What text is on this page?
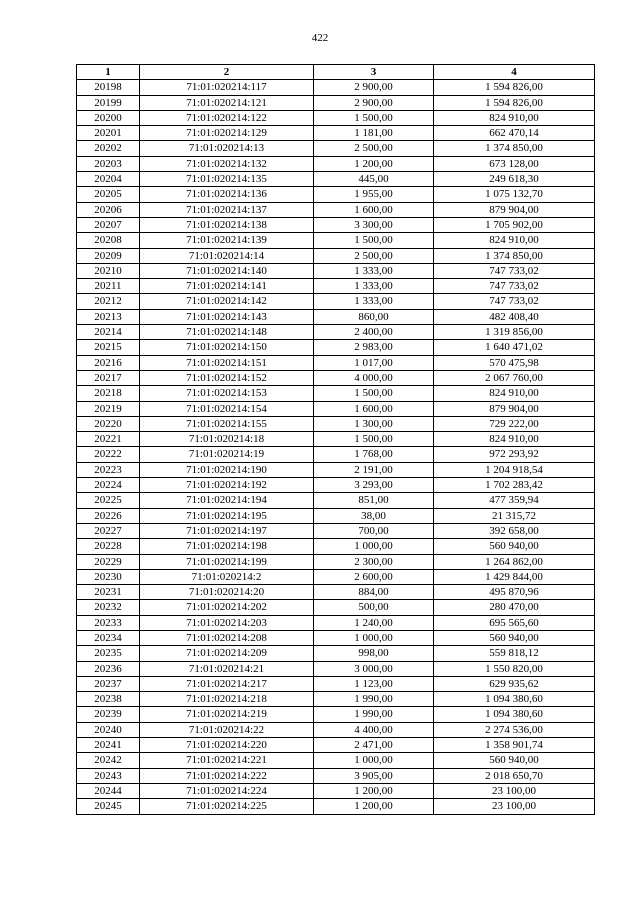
422
1	2	3	4
20198	71:01:020214:117	2 900,00	1 594 826,00
20199	71:01:020214:121	2 900,00	1 594 826,00
20200	71:01:020214:122	1 500,00	824 910,00
20201	71:01:020214:129	1 181,00	662 470,14
20202	71:01:020214:13	2 500,00	1 374 850,00
20203	71:01:020214:132	1 200,00	673 128,00
20204	71:01:020214:135	445,00	249 618,30
20205	71:01:020214:136	1 955,00	1 075 132,70
20206	71:01:020214:137	1 600,00	879 904,00
20207	71:01:020214:138	3 300,00	1 705 902,00
20208	71:01:020214:139	1 500,00	824 910,00
20209	71:01:020214:14	2 500,00	1 374 850,00
20210	71:01:020214:140	1 333,00	747 733,02
20211	71:01:020214:141	1 333,00	747 733,02
20212	71:01:020214:142	1 333,00	747 733,02
20213	71:01:020214:143	860,00	482 408,40
20214	71:01:020214:148	2 400,00	1 319 856,00
20215	71:01:020214:150	2 983,00	1 640 471,02
20216	71:01:020214:151	1 017,00	570 475,98
20217	71:01:020214:152	4 000,00	2 067 760,00
20218	71:01:020214:153	1 500,00	824 910,00
20219	71:01:020214:154	1 600,00	879 904,00
20220	71:01:020214:155	1 300,00	729 222,00
20221	71:01:020214:18	1 500,00	824 910,00
20222	71:01:020214:19	1 768,00	972 293,92
20223	71:01:020214:190	2 191,00	1 204 918,54
20224	71:01:020214:192	3 293,00	1 702 283,42
20225	71:01:020214:194	851,00	477 359,94
20226	71:01:020214:195	38,00	21 315,72
20227	71:01:020214:197	700,00	392 658,00
20228	71:01:020214:198	1 000,00	560 940,00
20229	71:01:020214:199	2 300,00	1 264 862,00
20230	71:01:020214:2	2 600,00	1 429 844,00
20231	71:01:020214:20	884,00	495 870,96
20232	71:01:020214:202	500,00	280 470,00
20233	71:01:020214:203	1 240,00	695 565,60
20234	71:01:020214:208	1 000,00	560 940,00
20235	71:01:020214:209	998,00	559 818,12
20236	71:01:020214:21	3 000,00	1 550 820,00
20237	71:01:020214:217	1 123,00	629 935,62
20238	71:01:020214:218	1 990,00	1 094 380,60
20239	71:01:020214:219	1 990,00	1 094 380,60
20240	71:01:020214:22	4 400,00	2 274 536,00
20241	71:01:020214:220	2 471,00	1 358 901,74
20242	71:01:020214:221	1 000,00	560 940,00
20243	71:01:020214:222	3 905,00	2 018 650,70
20244	71:01:020214:224	1 200,00	23 100,00
20245	71:01:020214:225	1 200,00	23 100,00
